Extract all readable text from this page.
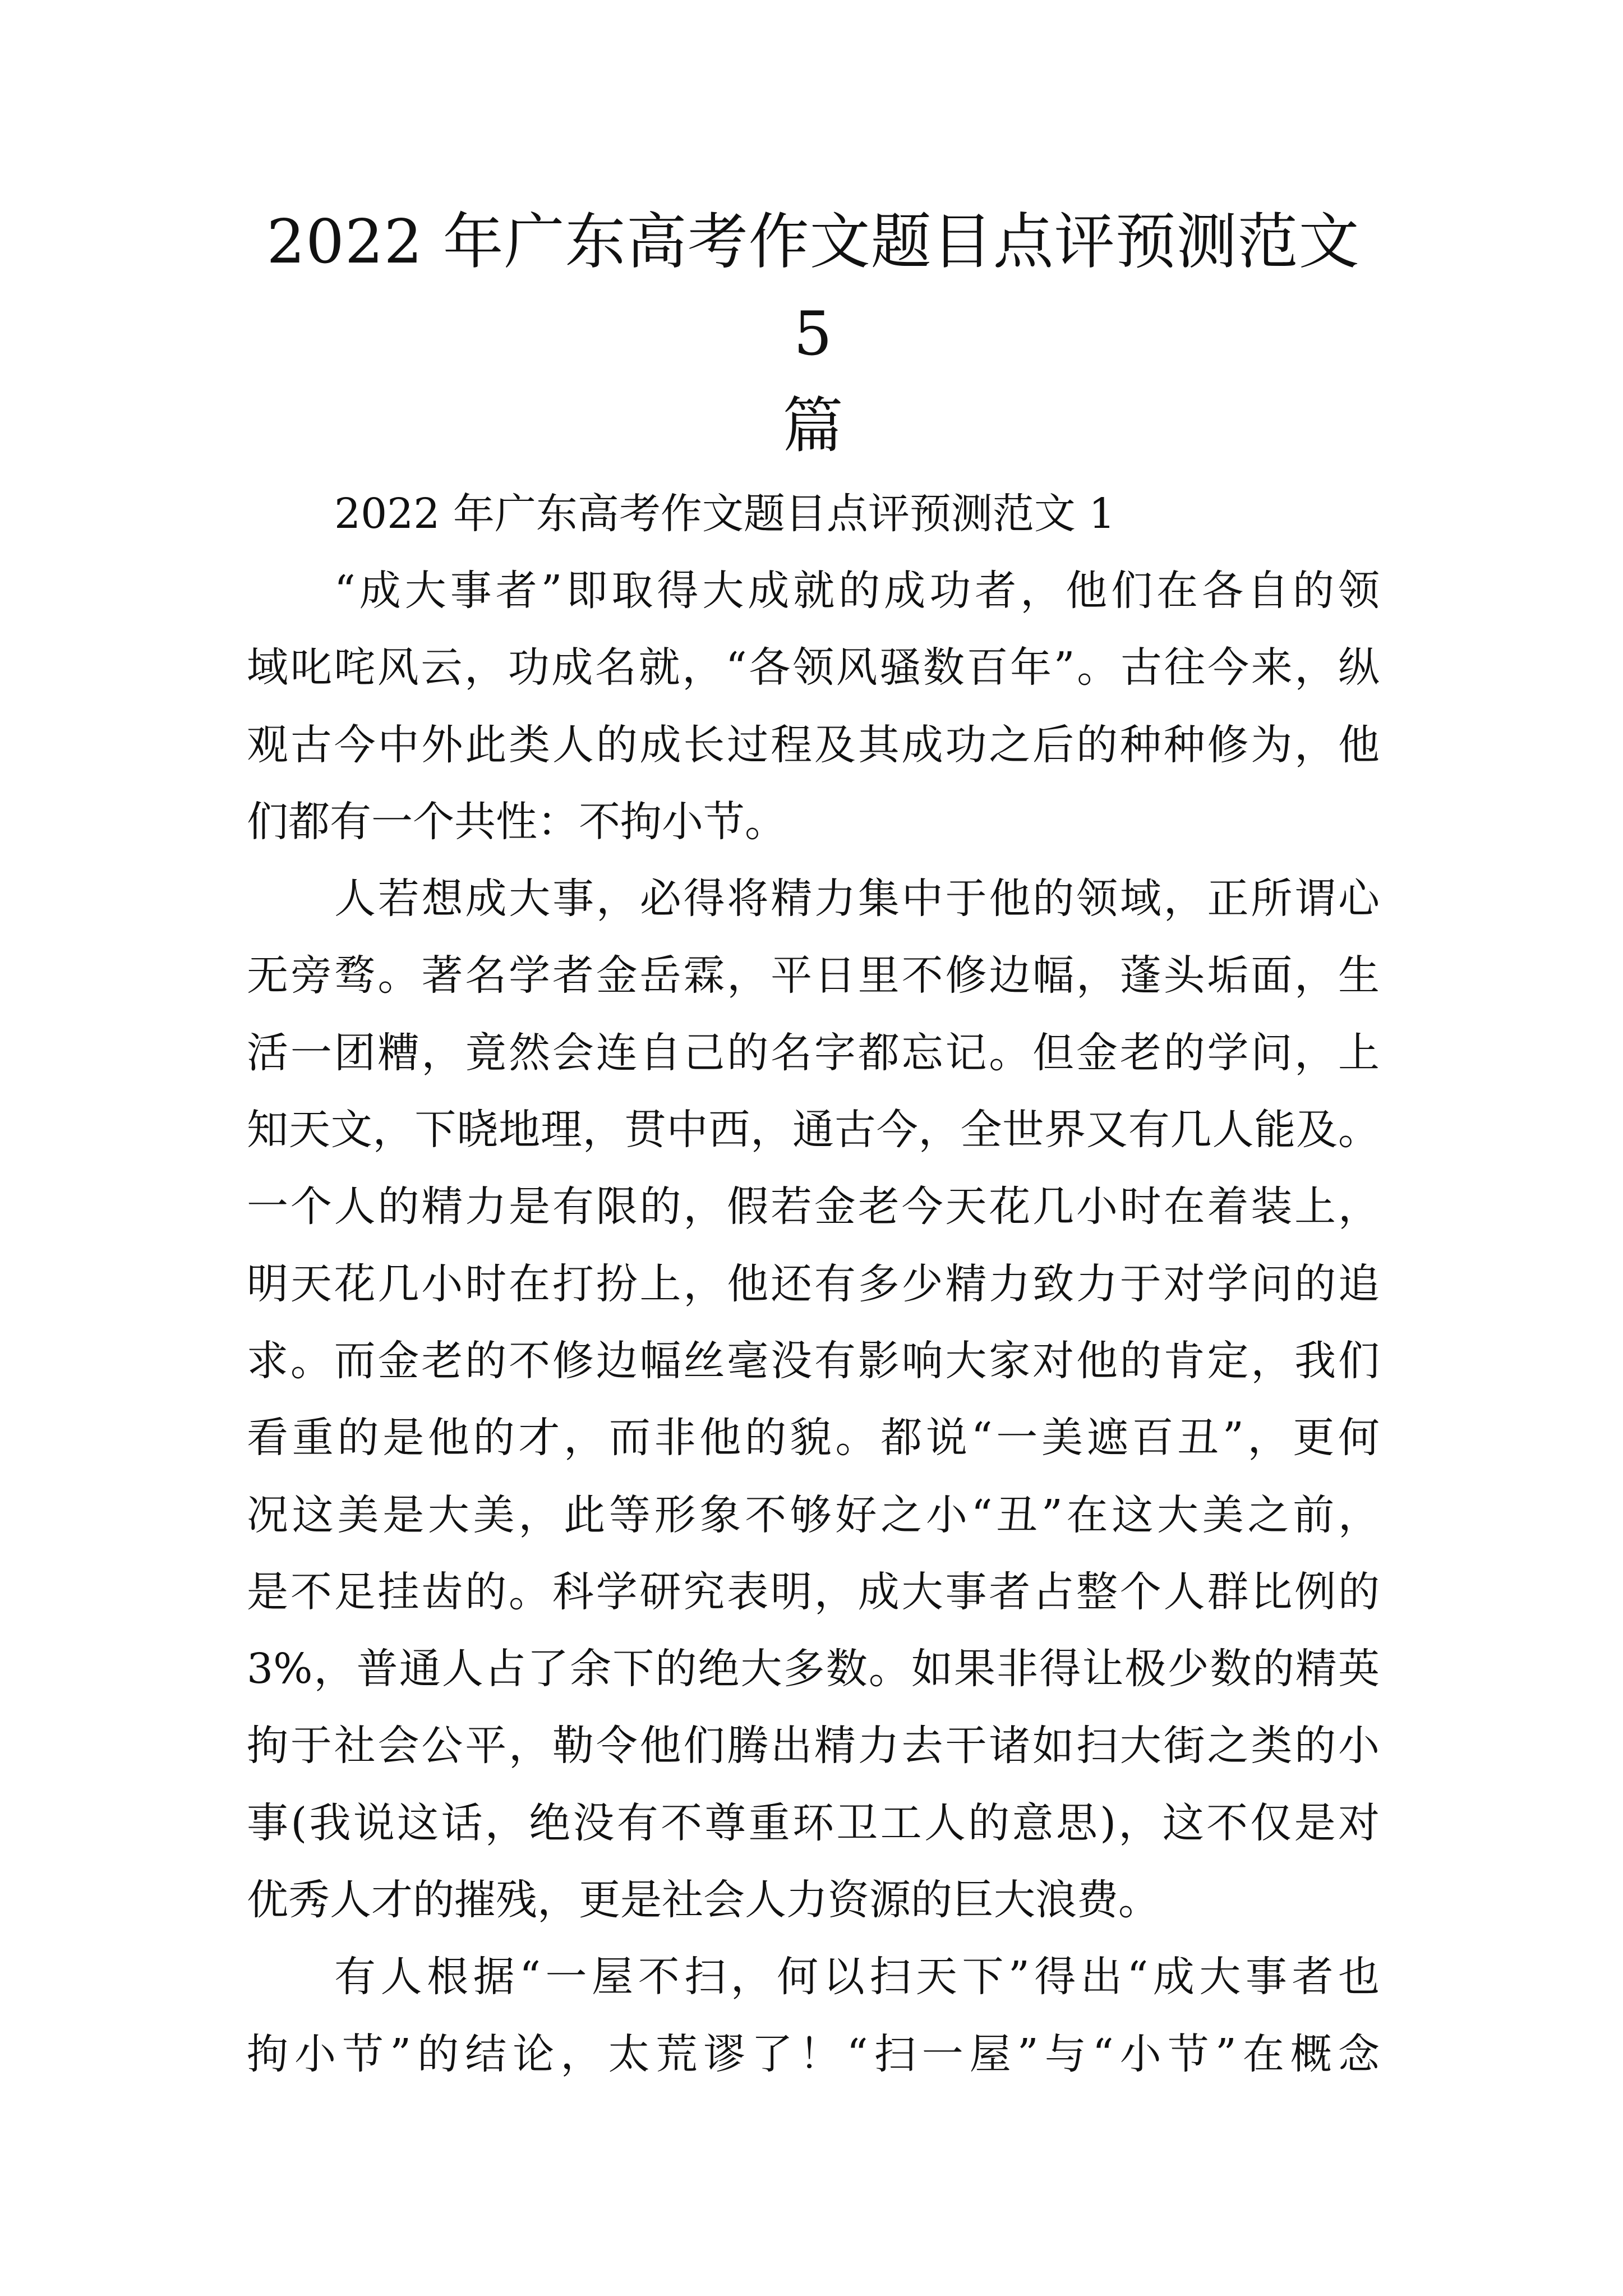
2022 年广东高考作文题目点评预测范文 5
篇

2022 年广东高考作文题目点评预测范文 1

“成大事者”即取得大成就的成功者，他们在各自的领
域叱咤风云，功成名就，“各领风骚数百年”。古往今来，纵
观古今中外此类人的成长过程及其成功之后的种种修为，他
们都有一个共性：不拘小节。

人若想成大事，必得将精力集中于他的领域，正所谓心
无旁骛。著名学者金岳霖，平日里不修边幅，蓬头垢面，生
活一团糟，竟然会连自己的名字都忘记。但金老的学问，上
知天文，下晓地理，贯中西，通古今，全世界又有几人能及。
一个人的精力是有限的，假若金老今天花几小时在着装上，
明天花几小时在打扮上，他还有多少精力致力于对学问的追
求。而金老的不修边幅丝毫没有影响大家对他的肯定，我们
看重的是他的才，而非他的貌。都说“一美遮百丑”，更何
况这美是大美，此等形象不够好之小“丑”在这大美之前，
是不足挂齿的。科学研究表明，成大事者占整个人群比例的
3%，普通人占了余下的绝大多数。如果非得让极少数的精英
拘于社会公平，勒令他们腾出精力去干诸如扫大街之类的小
事(我说这话，绝没有不尊重环卫工人的意思)，这不仅是对
优秀人才的摧残，更是社会人力资源的巨大浪费。

有人根据“一屋不扫，何以扫天下”得出“成大事者也
拘小节”的结论，太荒谬了！“扫一屋”与“小节”在概念
